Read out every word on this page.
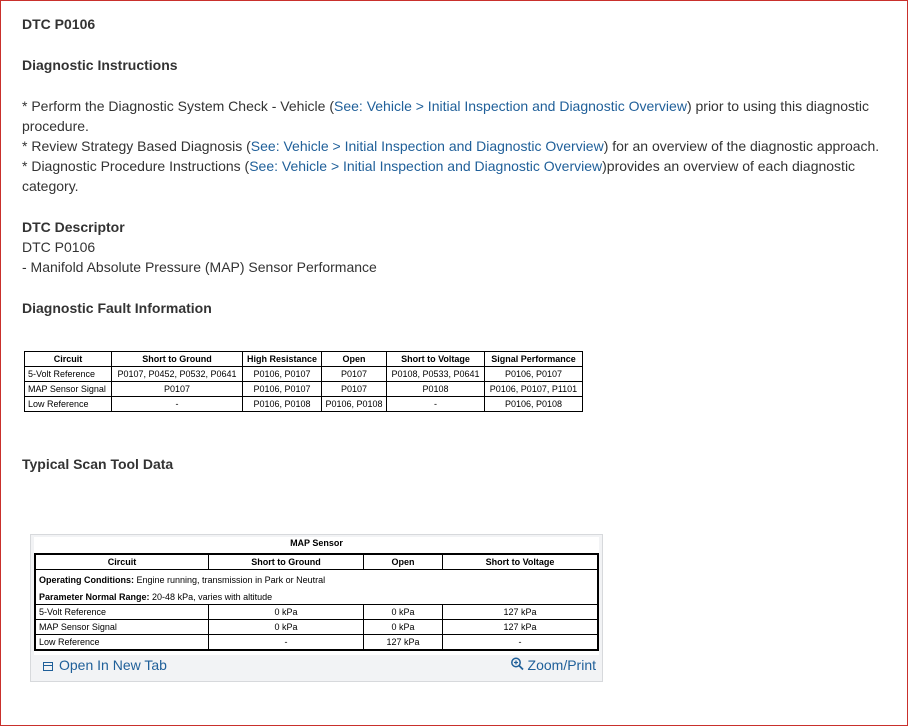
DTC P0106

Diagnostic Instructions

* Perform the Diagnostic System Check - Vehicle (See: Vehicle > Initial Inspection and Diagnostic Overview) prior to using this diagnostic procedure.

* Review Strategy Based Diagnosis (See: Vehicle > Initial Inspection and Diagnostic Overview) for an overview of the diagnostic approach.

* Diagnostic Procedure Instructions (See: Vehicle > Initial Inspection and Diagnostic Overview)provides an overview of each diagnostic category.

DTC Descriptor

DTC P0106

- Manifold Absolute Pressure (MAP) Sensor Performance

Diagnostic Fault Information

Circuit	Short to Ground	High Resistance	Open	Short to Voltage	Signal Performance
5-Volt Reference	P0107, P0452, P0532, P0641	P0106, P0107	P0107	P0108, P0533, P0641	P0106, P0107
MAP Sensor Signal	P0107	P0106, P0107	P0107	P0108	P0106, P0107, P1101
Low Reference	-	P0106, P0108	P0106, P0108	-	P0106, P0108

Typical Scan Tool Data

MAP Sensor
Circuit	Short to Ground	Open	Short to Voltage
Operating Conditions: Engine running, transmission in Park or Neutral			
Parameter Normal Range: 20-48 kPa, varies with altitude			
5-Volt Reference	0 kPa	0 kPa	127 kPa
MAP Sensor Signal	0 kPa	0 kPa	127 kPa
Low Reference	-	127 kPa	-
Open In New Tab	Zoom/Print
